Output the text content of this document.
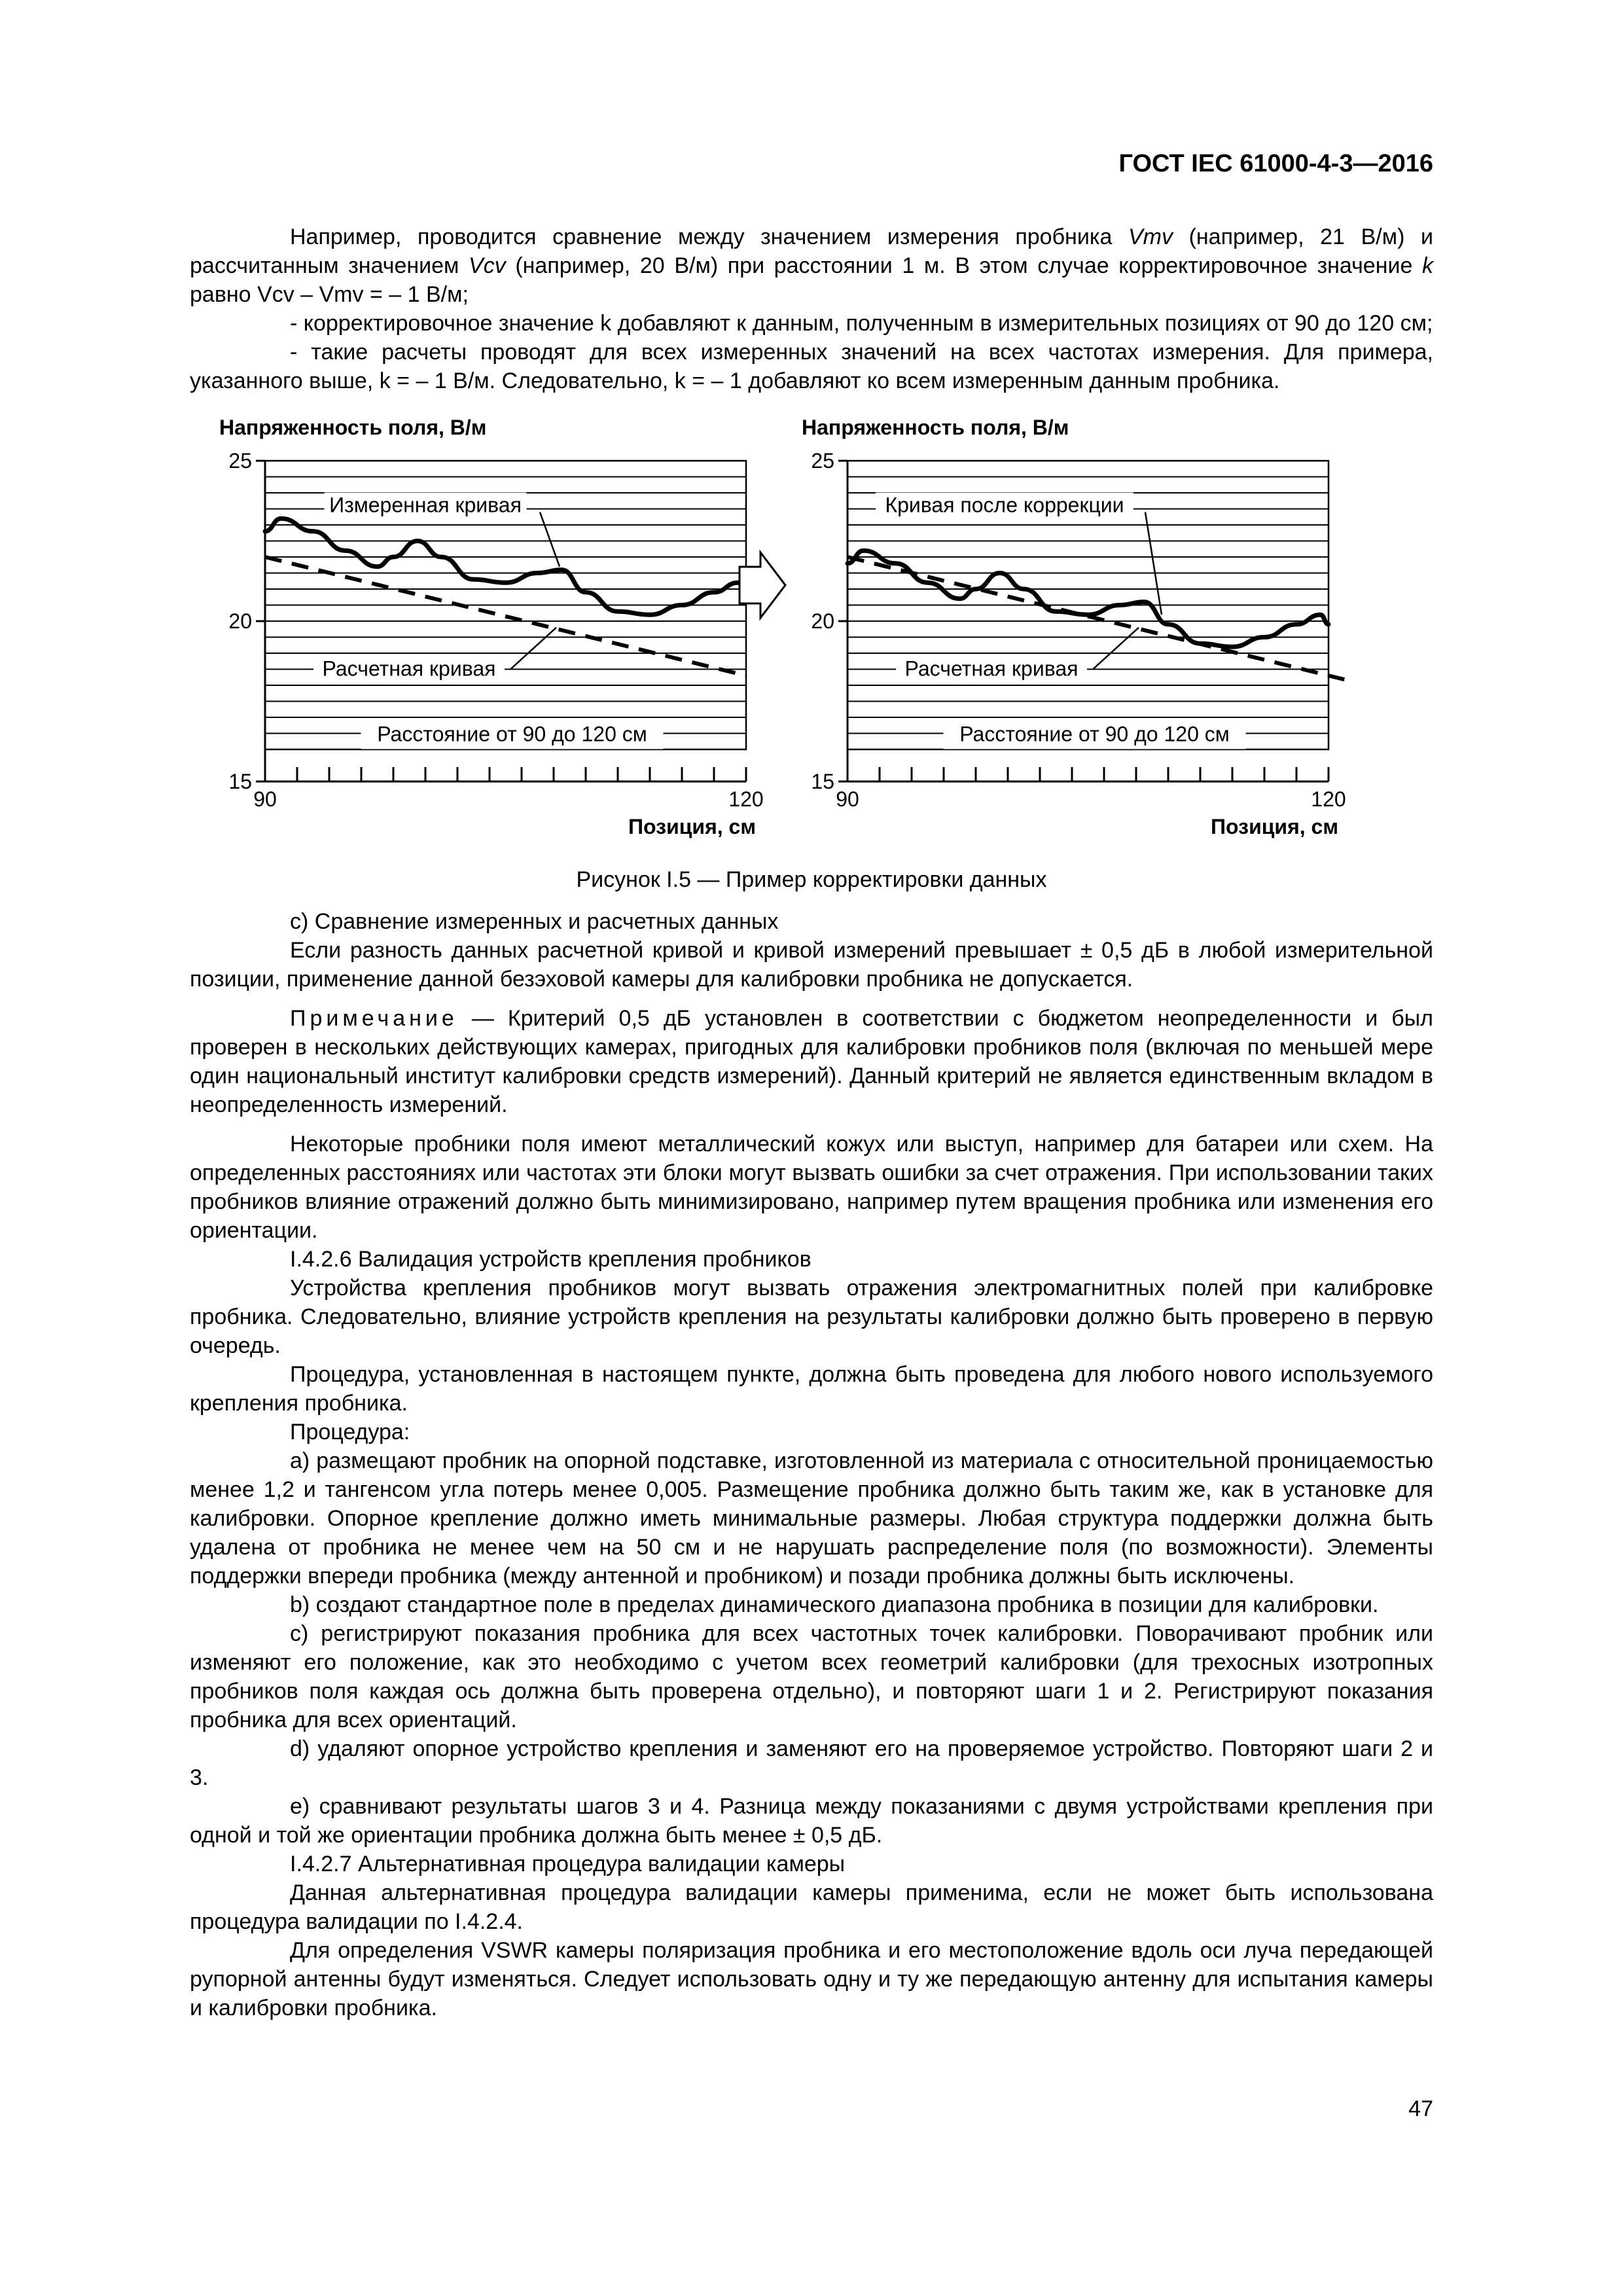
ГОСТ IEC 61000-4-3—2016

Например, проводится сравнение между значением измерения пробника Vmv (например, 21 В/м) и рассчитанным значением Vcv (например, 20 В/м) при расстоянии 1 м. В этом случае корректировочное значение k равно Vcv – Vmv = – 1 В/м;

- корректировочное значение k добавляют к данным, полученным в измерительных позициях от 90 до 120 см;

- такие расчеты проводят для всех измеренных значений на всех частотах измерения. Для примера, указанного выше, k = – 1 В/м. Следовательно, k = – 1 добавляют ко всем измеренным данным пробника.

Напряженность поля, В/м
25
20
15
90	120
Позиция, см
Измеренная кривая
Расчетная кривая
Расстояние от 90 до 120 см
Напряженность поля, В/м
25
20
15
90	120
Позиция, см
Кривая после коррекции
Расчетная кривая
Расстояние от 90 до 120 см

Рисунок I.5 — Пример корректировки данных

c) Сравнение измеренных и расчетных данных

Если разность данных расчетной кривой и кривой измерений превышает ± 0,5 дБ в любой измерительной позиции, применение данной безэховой камеры для калибровки пробника не допускается.

Примечание — Критерий 0,5 дБ установлен в соответствии с бюджетом неопределенности и был проверен в нескольких действующих камерах, пригодных для калибровки пробников поля (включая по меньшей мере один национальный институт калибровки средств измерений). Данный критерий не является единственным вкладом в неопределенность измерений.

Некоторые пробники поля имеют металлический кожух или выступ, например для батареи или схем. На определенных расстояниях или частотах эти блоки могут вызвать ошибки за счет отражения. При использовании таких пробников влияние отражений должно быть минимизировано, например путем вращения пробника или изменения его ориентации.

I.4.2.6 Валидация устройств крепления пробников

Устройства крепления пробников могут вызвать отражения электромагнитных полей при калибровке пробника. Следовательно, влияние устройств крепления на результаты калибровки должно быть проверено в первую очередь.

Процедура, установленная в настоящем пункте, должна быть проведена для любого нового используемого крепления пробника.

Процедура:

a) размещают пробник на опорной подставке, изготовленной из материала с относительной проницаемостью менее 1,2 и тангенсом угла потерь менее 0,005. Размещение пробника должно быть таким же, как в установке для калибровки. Опорное крепление должно иметь минимальные размеры. Любая структура поддержки должна быть удалена от пробника не менее чем на 50 см и не нарушать распределение поля (по возможности). Элементы поддержки впереди пробника (между антенной и пробником) и позади пробника должны быть исключены.

b) создают стандартное поле в пределах динамического диапазона пробника в позиции для калибровки.

c) регистрируют показания пробника для всех частотных точек калибровки. Поворачивают пробник или изменяют его положение, как это необходимо с учетом всех геометрий калибровки (для трехосных изотропных пробников поля каждая ось должна быть проверена отдельно), и повторяют шаги 1 и 2. Регистрируют показания пробника для всех ориентаций.

d) удаляют опорное устройство крепления и заменяют его на проверяемое устройство. Повторяют шаги 2 и 3.

e) сравнивают результаты шагов 3 и 4. Разница между показаниями с двумя устройствами крепления при одной и той же ориентации пробника должна быть менее ± 0,5 дБ.

I.4.2.7 Альтернативная процедура валидации камеры

Данная альтернативная процедура валидации камеры применима, если не может быть использована процедура валидации по I.4.2.4.

Для определения VSWR камеры поляризация пробника и его местоположение вдоль оси луча передающей рупорной антенны будут изменяться. Следует использовать одну и ту же передающую антенну для испытания камеры и калибровки пробника.

47
